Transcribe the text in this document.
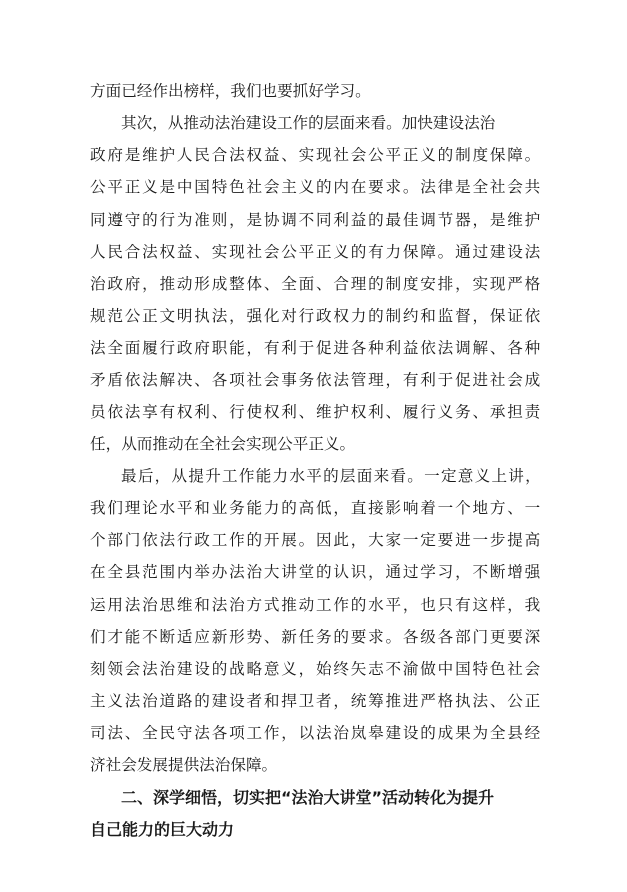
方面已经作出榜样，我们也要抓好学习。
其次，从推动法治建设工作的层面来看。加快建设法治
政府是维护人民合法权益、实现社会公平正义的制度保障。
公平正义是中国特色社会主义的内在要求。法律是全社会共
同遵守的行为准则，是协调不同利益的最佳调节器，是维护
人民合法权益、实现社会公平正义的有力保障。通过建设法
治政府，推动形成整体、全面、合理的制度安排，实现严格
规范公正文明执法，强化对行政权力的制约和监督，保证依
法全面履行政府职能，有利于促进各种利益依法调解、各种
矛盾依法解决、各项社会事务依法管理，有利于促进社会成
员依法享有权利、行使权利、维护权利、履行义务、承担责
任，从而推动在全社会实现公平正义。
最后，从提升工作能力水平的层面来看。一定意义上讲，
我们理论水平和业务能力的高低，直接影响着一个地方、一
个部门依法行政工作的开展。因此，大家一定要进一步提高
在全县范围内举办法治大讲堂的认识，通过学习，不断增强
运用法治思维和法治方式推动工作的水平，也只有这样，我
们才能不断适应新形势、新任务的要求。各级各部门更要深
刻领会法治建设的战略意义，始终矢志不渝做中国特色社会
主义法治道路的建设者和捍卫者，统筹推进严格执法、公正
司法、全民守法各项工作，以法治岚皋建设的成果为全县经
济社会发展提供法治保障。
二、深学细悟，切实把“法治大讲堂”活动转化为提升
自己能力的巨大动力
